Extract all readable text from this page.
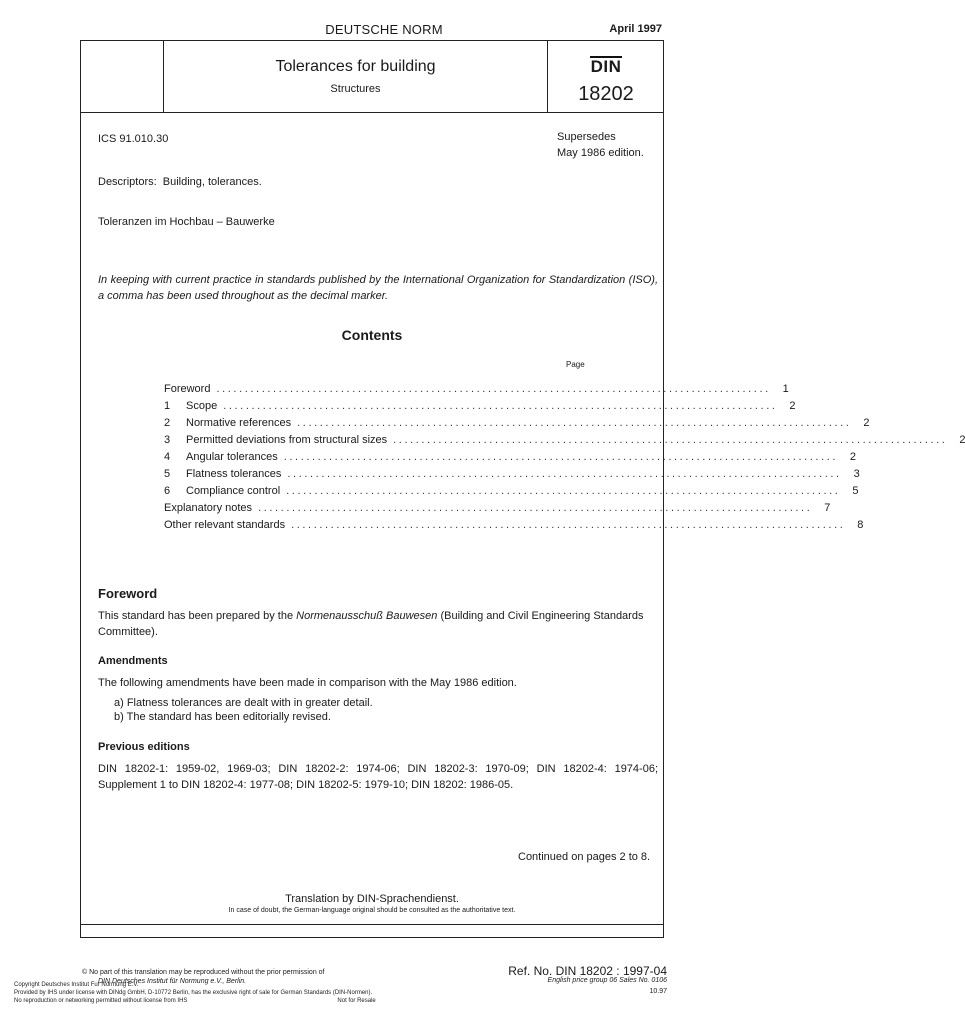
DEUTSCHE NORM	April 1997
Tolerances for building
Structures
DIN
18202
ICS 91.010.30	Supersedes
May 1986 edition.
Descriptors: Building, tolerances.
Toleranzen im Hochbau – Bauwerke
In keeping with current practice in standards published by the International Organization for Standardization (ISO), a comma has been used throughout as the decimal marker.
Contents
Page
Foreword ..................................................................................................	1
1	Scope ..................................................................................................	2
2	Normative references ..................................................................................................	2
3	Permitted deviations from structural sizes ..................................................................................................	2
4	Angular tolerances ..................................................................................................	2
5	Flatness tolerances ..................................................................................................	3
6	Compliance control ..................................................................................................	5
Explanatory notes ..................................................................................................	7
Other relevant standards ..................................................................................................	8
Foreword
This standard has been prepared by the Normenausschuß Bauwesen (Building and Civil Engineering Standards Committee).
Amendments
The following amendments have been made in comparison with the May 1986 edition.
a) Flatness tolerances are dealt with in greater detail.
b) The standard has been editorially revised.
Previous editions
DIN 18202-1: 1959-02, 1969-03; DIN 18202-2: 1974-06; DIN 18202-3: 1970-09; DIN 18202-4: 1974-06; Supplement 1 to DIN 18202-4: 1977-08; DIN 18202-5: 1979-10; DIN 18202: 1986-05.
Continued on pages 2 to 8.
Translation by DIN-Sprachendienst.
In case of doubt, the German-language original should be consulted as the authoritative text.
© No part of this translation may be reproduced without the prior permission of
DIN Deutsches Institut für Normung e.V., Berlin.
Copyright Deutsches Institut Fur Normung E.V.
Provided by IHS under license with DINdg GmbH, D-10772 Berlin, has the exclusive right of sale for German Standards (DIN-Normen).
No reproduction or networking permitted without license from IHS	Not for Resale
Ref. No. DIN 18202 : 1997-04
English price group 06 Sales No. 0106
10.97
